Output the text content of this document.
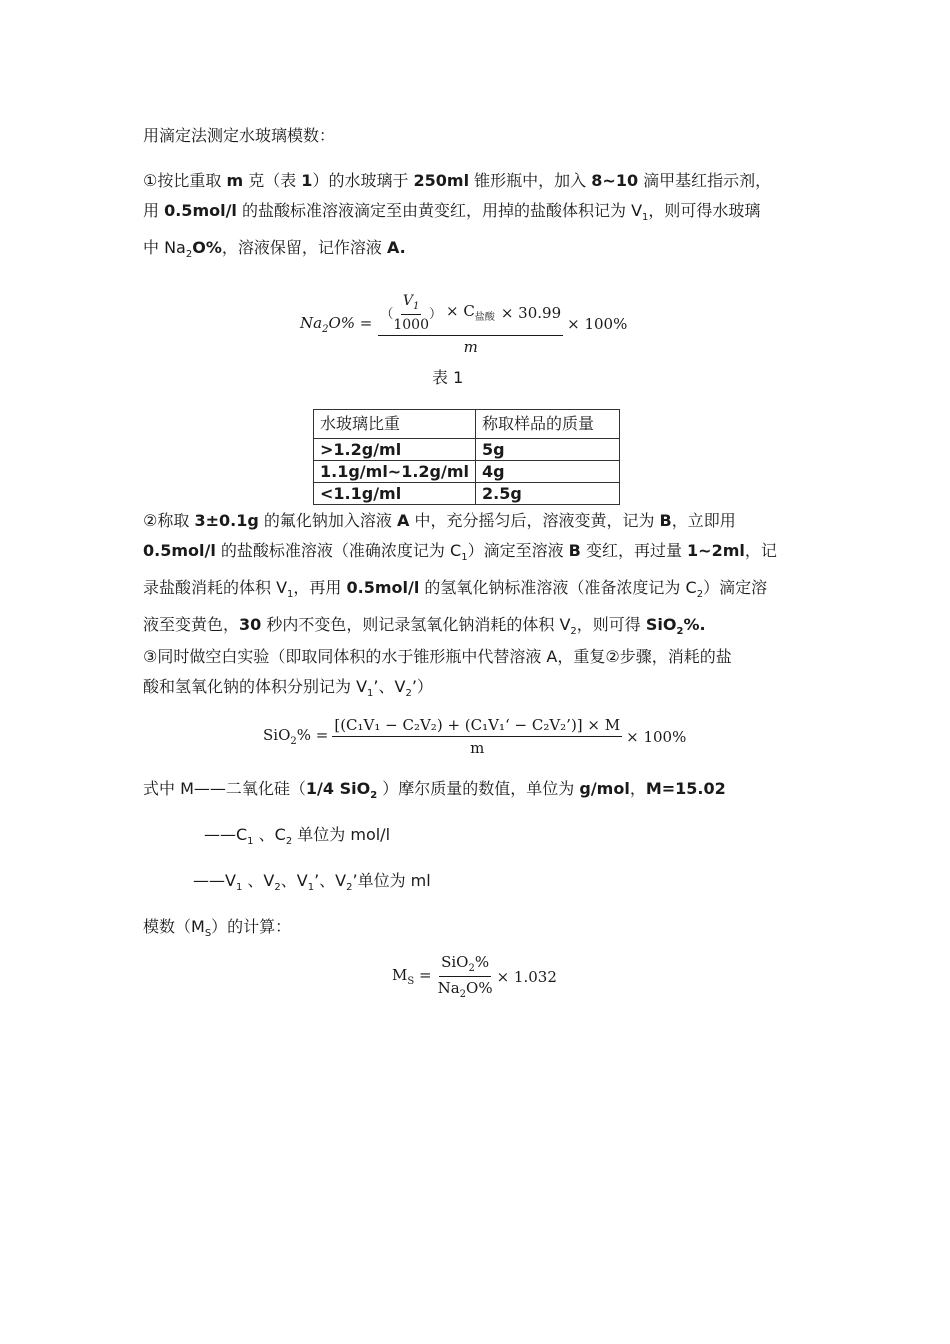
用滴定法测定水玻璃模数：
①按比重取 m 克（表 1）的水玻璃于 250ml 锥形瓶中，加入 8~10 滴甲基红指示剂，
用 0.5mol/l 的盐酸标准溶液滴定至由黄变红，用掉的盐酸体积记为 $V_1$，则可得水玻璃
中 $Na_2O\%$，溶液保留，记作溶液 A.
$Na_2O\%$ = （ $\frac{V_1}{1000}$ ） × $C_{盐酸} \times 30.99$
m
× 100%
表 1
水玻璃比重	称取样品的质量
>1.2g/ml	5g
1.1g/ml~1.2g/ml	4g
<1.1g/ml	2.5g
②称取 3±0.1g 的氟化钠加入溶液 A 中，充分摇匀后，溶液变黄，记为 B，立即用
0.5mol/l 的盐酸标准溶液（准确浓度记为 $C_1$）滴定至溶液 B 变红，再过量 1~2ml，记
录盐酸消耗的体积 $V_1$，再用 0.5mol/l 的氢氧化钠标准溶液（准备浓度记为 $C_2$）滴定溶
液至变黄色，30 秒内不变色，则记录氢氧化钠消耗的体积 $V_2$，则可得 SiO$_2$%.
③同时做空白实验（即取同体积的水于锥形瓶中代替溶液 A，重复②步骤，消耗的盐
酸和氢氧化钠的体积分别记为 $V_1$’、$V_2$’）
$SiO_2\% = \frac{\text{[(C₁V₁ − C₂V₂) + (C₁V₁‘ − C₂V₂’)] × M}}{m} \times 100\%$
式中 M——二氧化硅（1/4 SiO$_2$ ）摩尔质量的数值，单位为 g/mol，M=15.02
$——C_1$ 、$C_2$ 单位为 mol/l
$——V_1$ 、$V_2$、$V_1$’、$V_2$’单位为 ml
模数$(M_S)$的计算：
$M_S = \frac{SiO_2\%}{Na_2O\%} \times 1.032$
